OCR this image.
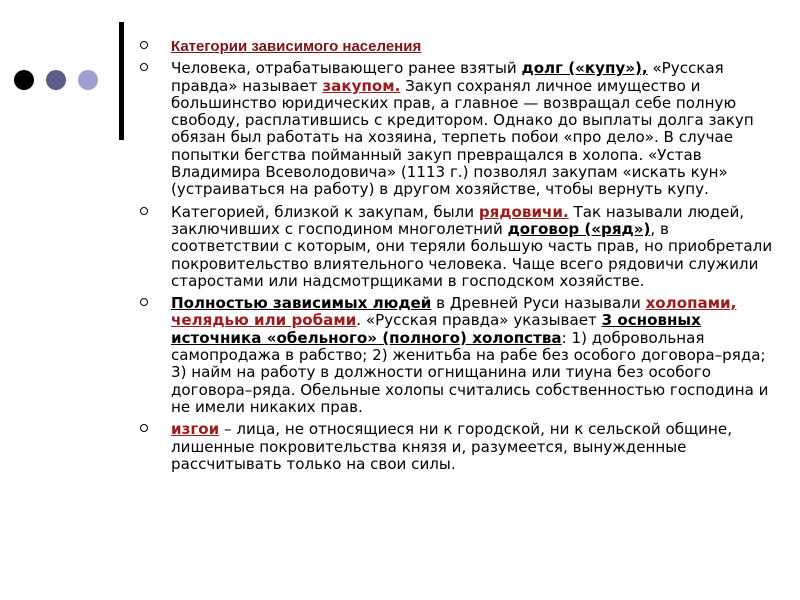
Категории зависимого населения
Человека, отрабатывающего ранее взятый долг («купу»), «Русская правда» называет закупом. Закуп сохранял личное имущество и большинство юридических прав, а главное — возвращал себе полную свободу, расплатившись с кредитором. Однако до выплаты долга закуп обязан был работать на хозяина, терпеть побои «про дело». В случае попытки бегства пойманный закуп превращался в холопа. «Устав Владимира Всеволодовича» (1113 г.) позволял закупам «искать кун» (устраиваться на работу) в другом хозяйстве, чтобы вернуть купу.
Категорией, близкой к закупам, были рядовичи. Так называли людей, заключивших с господином многолетний договор («ряд»), в соответствии с которым, они теряли большую часть прав, но приобретали покровительство влиятельного человека. Чаще всего рядовичи служили старостами или надсмотрщиками в господском хозяйстве.
Полностью зависимых людей в Древней Руси называли холопами, челядью или робами. «Русская правда» указывает 3 основных источника «обельного» (полного) холопства: 1) добровольная самопродажа в рабство; 2) женитьба на рабе без особого договора–ряда; 3) найм на работу в должности огнищанина или тиуна без особого договора–ряда. Обельные холопы считались собственностью господина и не имели никаких прав.
изгои – лица, не относящиеся ни к городской, ни к сельской общине, лишенные покровительства князя и, разумеется, вынужденные рассчитывать только на свои силы.
